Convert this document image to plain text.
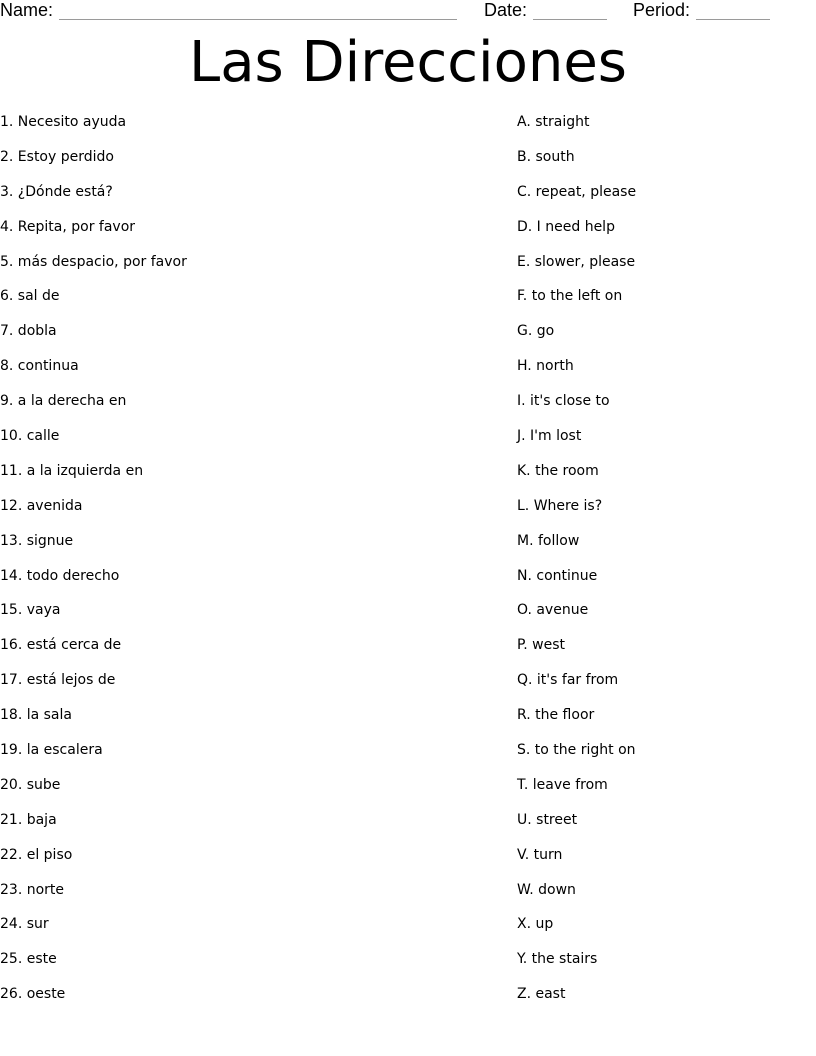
Name:	Date:	Period:
Las Direcciones
1. Necesito ayuda
2. Estoy perdido
3. ¿Dónde está?
4. Repita, por favor
5. más despacio, por favor
6. sal de
7. dobla
8. continua
9. a la derecha en
10. calle
11. a la izquierda en
12. avenida
13. signue
14. todo derecho
15. vaya
16. está cerca de
17. está lejos de
18. la sala
19. la escalera
20. sube
21. baja
22. el piso
23. norte
24. sur
25. este
26. oeste
A. straight
B. south
C. repeat, please
D. I need help
E. slower, please
F. to the left on
G. go
H. north
I. it's close to
J. I'm lost
K. the room
L. Where is?
M. follow
N. continue
O. avenue
P. west
Q. it's far from
R. the floor
S. to the right on
T. leave from
U. street
V. turn
W. down
X. up
Y. the stairs
Z. east
